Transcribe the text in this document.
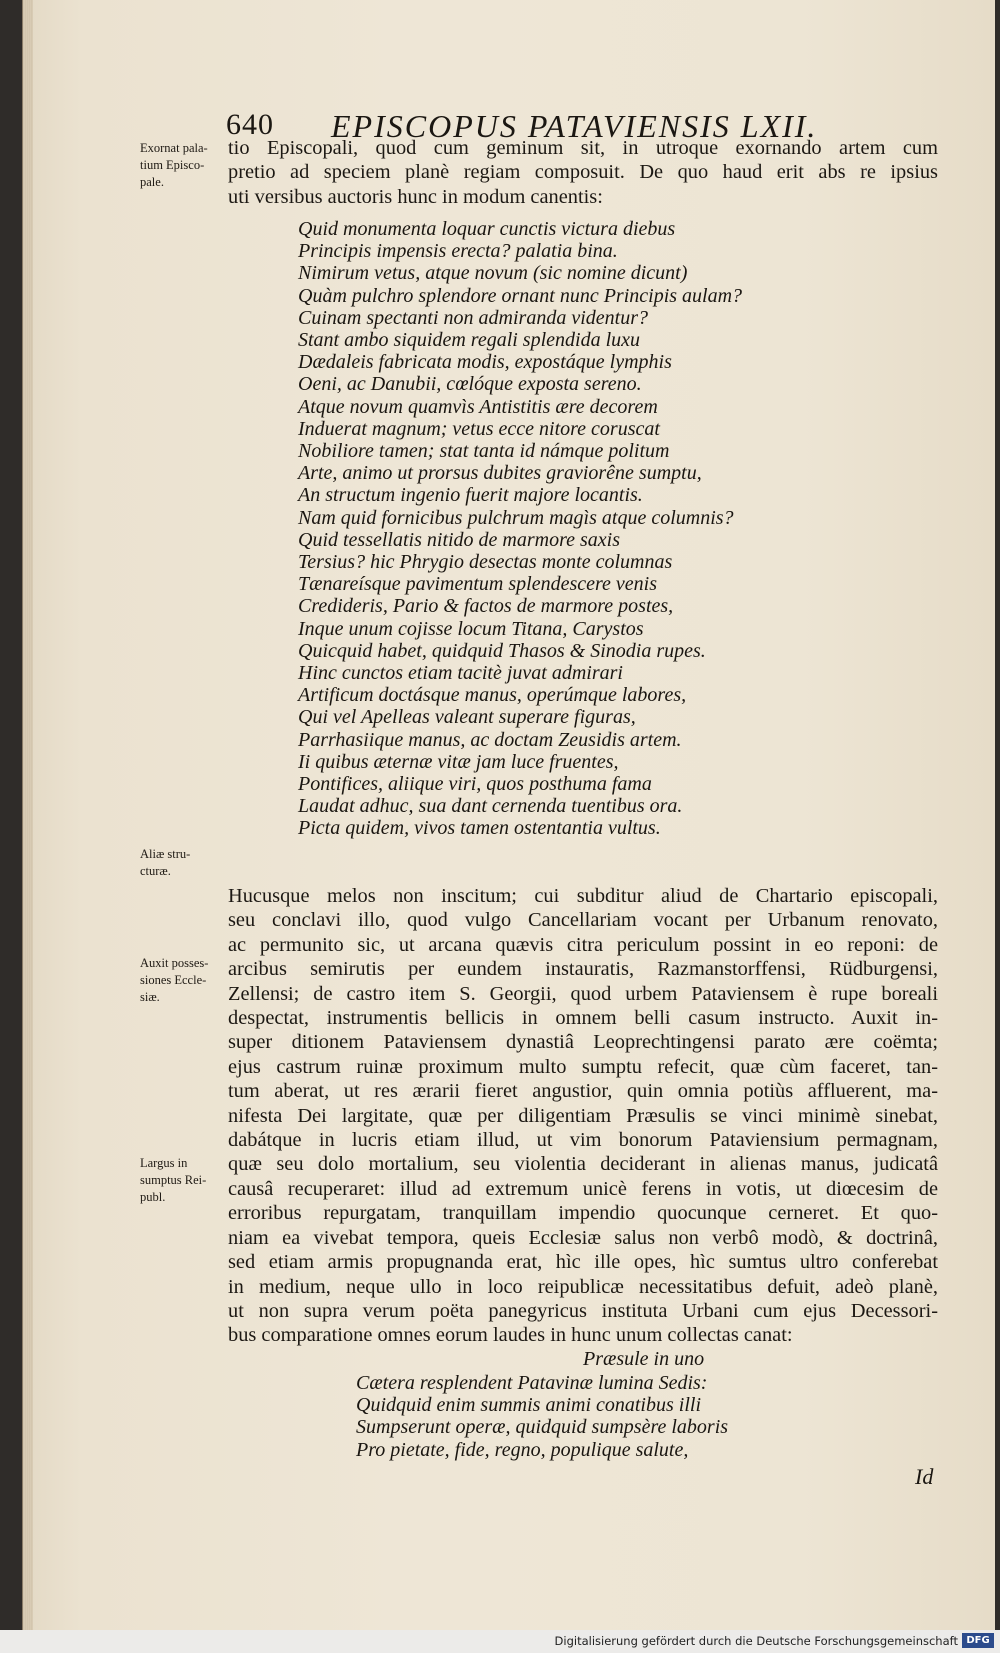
640 EPISCOPUS PATAVIENSIS LXII.
Exornat pala-tium Episco-pale.
Aliæ stru-cturæ.
Auxit posses-siones Eccle-siæ.
Largus in sumptus Rei-publ.
tio Episcopali, quod cum geminum sit, in utroque exornando artem cum
pretio ad speciem planè regiam composuit. De quo haud erit abs re ipsius
uti versibus auctoris hunc in modum canentis:
Quid monumenta loquar cunctis victura diebus
Principis impensis erecta? palatia bina.
Nimirum vetus, atque novum (sic nomine dicunt)
Quàm pulchro splendore ornant nunc Principis aulam?
Cuinam spectanti non admiranda videntur?
Stant ambo siquidem regali splendida luxu
Dædaleis fabricata modis, expostáque lymphis
Oeni, ac Danubii, cœlóque exposta sereno.
Atque novum quamvìs Antistitis ære decorem
Induerat magnum; vetus ecce nitore coruscat
Nobiliore tamen; stat tanta id námque politum
Arte, animo ut prorsus dubites graviorêne sumptu,
An structum ingenio fuerit majore locantis.
Nam quid fornicibus pulchrum magìs atque columnis?
Quid tessellatis nitido de marmore saxis
Tersius? hic Phrygio desectas monte columnas
Tænareísque pavimentum splendescere venis
Credideris, Pario & factos de marmore postes,
Inque unum cojisse locum Titana, Carystos
Quicquid habet, quidquid Thasos & Sinodia rupes.
Hinc cunctos etiam tacitè juvat admirari
Artificum doctásque manus, operúmque labores,
Qui vel Apelleas valeant superare figuras,
Parrhasiique manus, ac doctam Zeusidis artem.
Ii quibus æternæ vitæ jam luce fruentes,
Pontifices, aliique viri, quos posthuma fama
Laudat adhuc, sua dant cernenda tuentibus ora.
Picta quidem, vivos tamen ostentantia vultus.
Hucusque melos non inscitum; cui subditur aliud de Chartario episcopali,
seu conclavi illo, quod vulgo Cancellariam vocant per Urbanum renovato,
ac permunito sic, ut arcana quævis citra periculum possint in eo reponi: de
arcibus semirutis per eundem instauratis, Razmanstorffensi, Rüdburgensi,
Zellensi; de castro item S. Georgii, quod urbem Pataviensem è rupe boreali
despectat, instrumentis bellicis in omnem belli casum instructo. Auxit in-
super ditionem Pataviensem dynastiâ Leoprechtingensi parato ære coëmta;
ejus castrum ruinæ proximum multo sumptu refecit, quæ cùm faceret, tan-
tum aberat, ut res ærarii fieret angustior, quin omnia potiùs affluerent, ma-
nifesta Dei largitate, quæ per diligentiam Præsulis se vinci minimè sinebat,
dabátque in lucris etiam illud, ut vim bonorum Pataviensium permagnam,
quæ seu dolo mortalium, seu violentia deciderant in alienas manus, judicatâ
causâ recuperaret: illud ad extremum unicè ferens in votis, ut diœcesim de
erroribus repurgatam, tranquillam impendio quocunque cerneret. Et quo-
niam ea vivebat tempora, queis Ecclesiæ salus non verbô modò, & doctrinâ,
sed etiam armis propugnanda erat, hìc ille opes, hìc sumtus ultro conferebat
in medium, neque ullo in loco reipublicæ necessitatibus defuit, adeò planè,
ut non supra verum poëta panegyricus instituta Urbani cum ejus Decessori-
bus comparatione omnes eorum laudes in hunc unum collectas canat:
Præsule in uno
Cætera resplendent Patavinæ lumina Sedis:
Quidquid enim summis animi conatibus illi
Sumpserunt operæ, quidquid sumpsère laboris
Pro pietate, fide, regno, populique salute,
Id
Digitalisierung gefördert durch die Deutsche Forschungsgemeinschaft DFG
